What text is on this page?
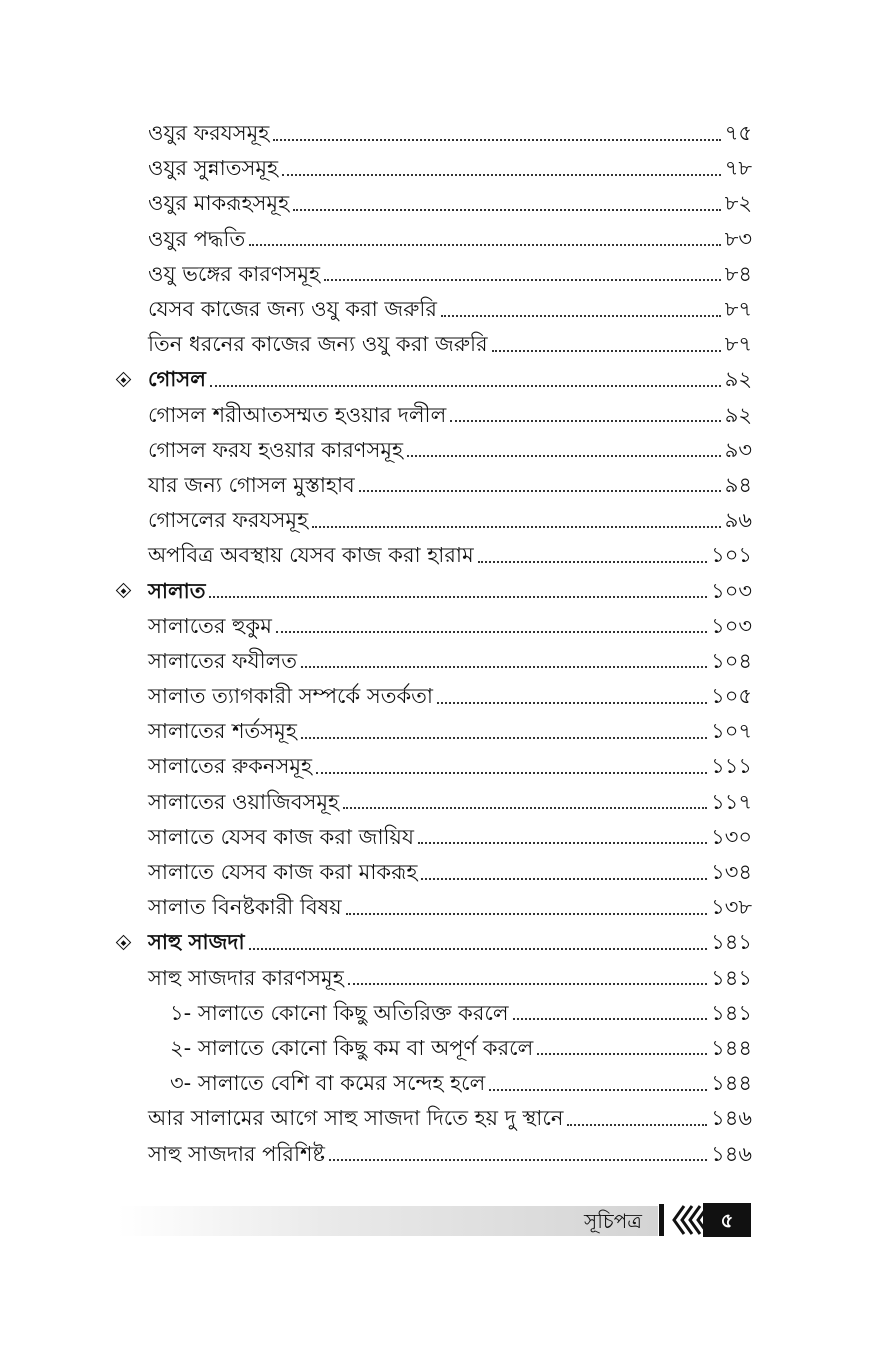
ওযুর ফরযসমূহ	৭৫
ওযুর সুন্নাতসমূহ	৭৮
ওযুর মাকরূহসমূহ	৮২
ওযুর পদ্ধতি	৮৩
ওযু ভঙ্গের কারণসমূহ	৮৪
যেসব কাজের জন্য ওযু করা জরুরি	৮৭
তিন ধরনের কাজের জন্য ওযু করা জরুরি	৮৭
গোসল	৯২
গোসল শরীআতসম্মত হওয়ার দলীল	৯২
গোসল ফরয হওয়ার কারণসমূহ	৯৩
যার জন্য গোসল মুস্তাহাব	৯৪
গোসলের ফরযসমূহ	৯৬
অপবিত্র অবস্থায় যেসব কাজ করা হারাম	১০১
সালাত	১০৩
সালাতের হুকুম	১০৩
সালাতের ফযীলত	১০৪
সালাত ত্যাগকারী সম্পর্কে সতর্কতা	১০৫
সালাতের শর্তসমূহ	১০৭
সালাতের রুকনসমূহ	১১১
সালাতের ওয়াজিবসমূহ	১১৭
সালাতে যেসব কাজ করা জায়িয	১৩০
সালাতে যেসব কাজ করা মাকরূহ	১৩৪
সালাত বিনষ্টকারী বিষয়	১৩৮
সাহু সাজদা	১৪১
সাহু সাজদার কারণসমূহ	১৪১
১- সালাতে কোনো কিছু অতিরিক্ত করলে	১৪১
২- সালাতে কোনো কিছু কম বা অপূর্ণ করলে	১৪৪
৩- সালাতে বেশি বা কমের সন্দেহ হলে	১৪৪
আর সালামের আগে সাহু সাজদা দিতে হয় দু স্থানে	১৪৬
সাহু সাজদার পরিশিষ্ট	১৪৬
সূচিপত্র	৫
